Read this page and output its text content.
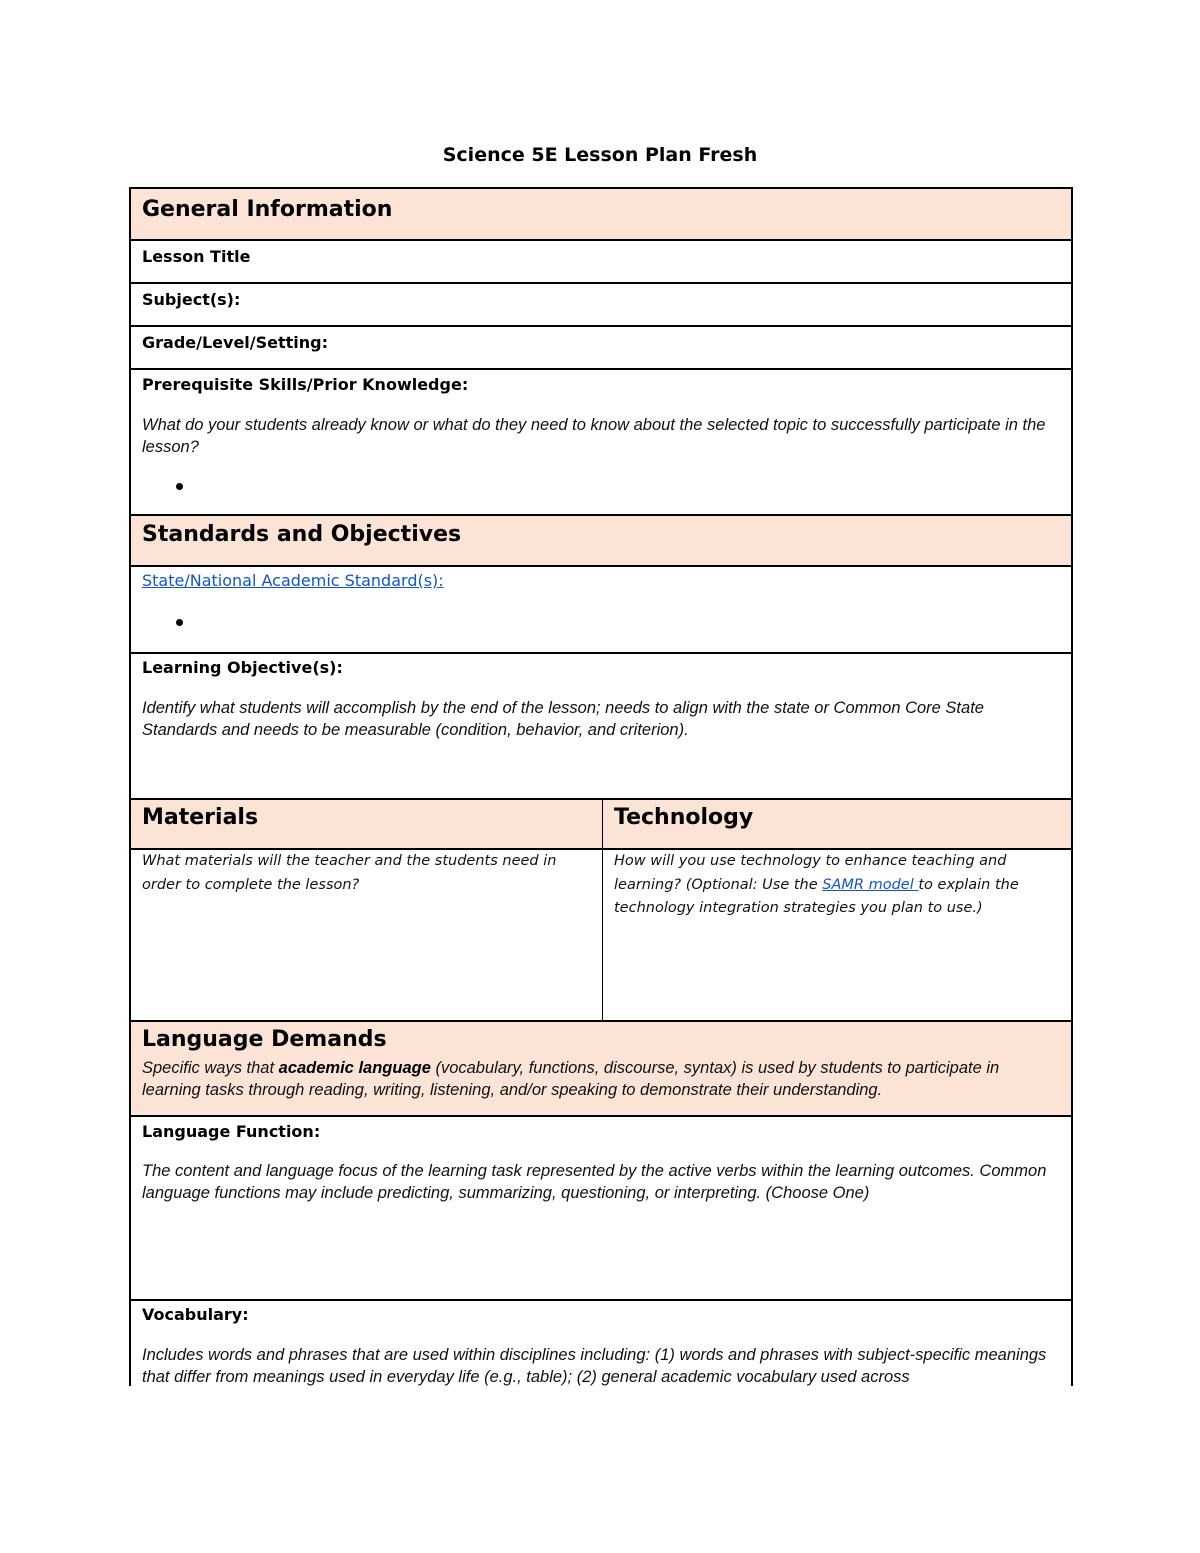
Science 5E Lesson Plan Fresh
General Information
Lesson Title
Subject(s):
Grade/Level/Setting:
Prerequisite Skills/Prior Knowledge:
What do your students already know or what do they need to know about the selected topic to successfully participate in the lesson?
Standards and Objectives
State/National Academic Standard(s):
Learning Objective(s):
Identify what students will accomplish by the end of the lesson; needs to align with the state or Common Core State Standards and needs to be measurable (condition, behavior, and criterion).
Materials	Technology
What materials will the teacher and the students need in order to complete the lesson?
How will you use technology to enhance teaching and learning? (Optional: Use the SAMR model to explain the technology integration strategies you plan to use.)
Language Demands
Specific ways that academic language (vocabulary, functions, discourse, syntax) is used by students to participate in learning tasks through reading, writing, listening, and/or speaking to demonstrate their understanding.
Language Function:
The content and language focus of the learning task represented by the active verbs within the learning outcomes. Common language functions may include predicting, summarizing, questioning, or interpreting. (Choose One)
Vocabulary:
Includes words and phrases that are used within disciplines including: (1) words and phrases with subject-specific meanings that differ from meanings used in everyday life (e.g., table); (2) general academic vocabulary used across
